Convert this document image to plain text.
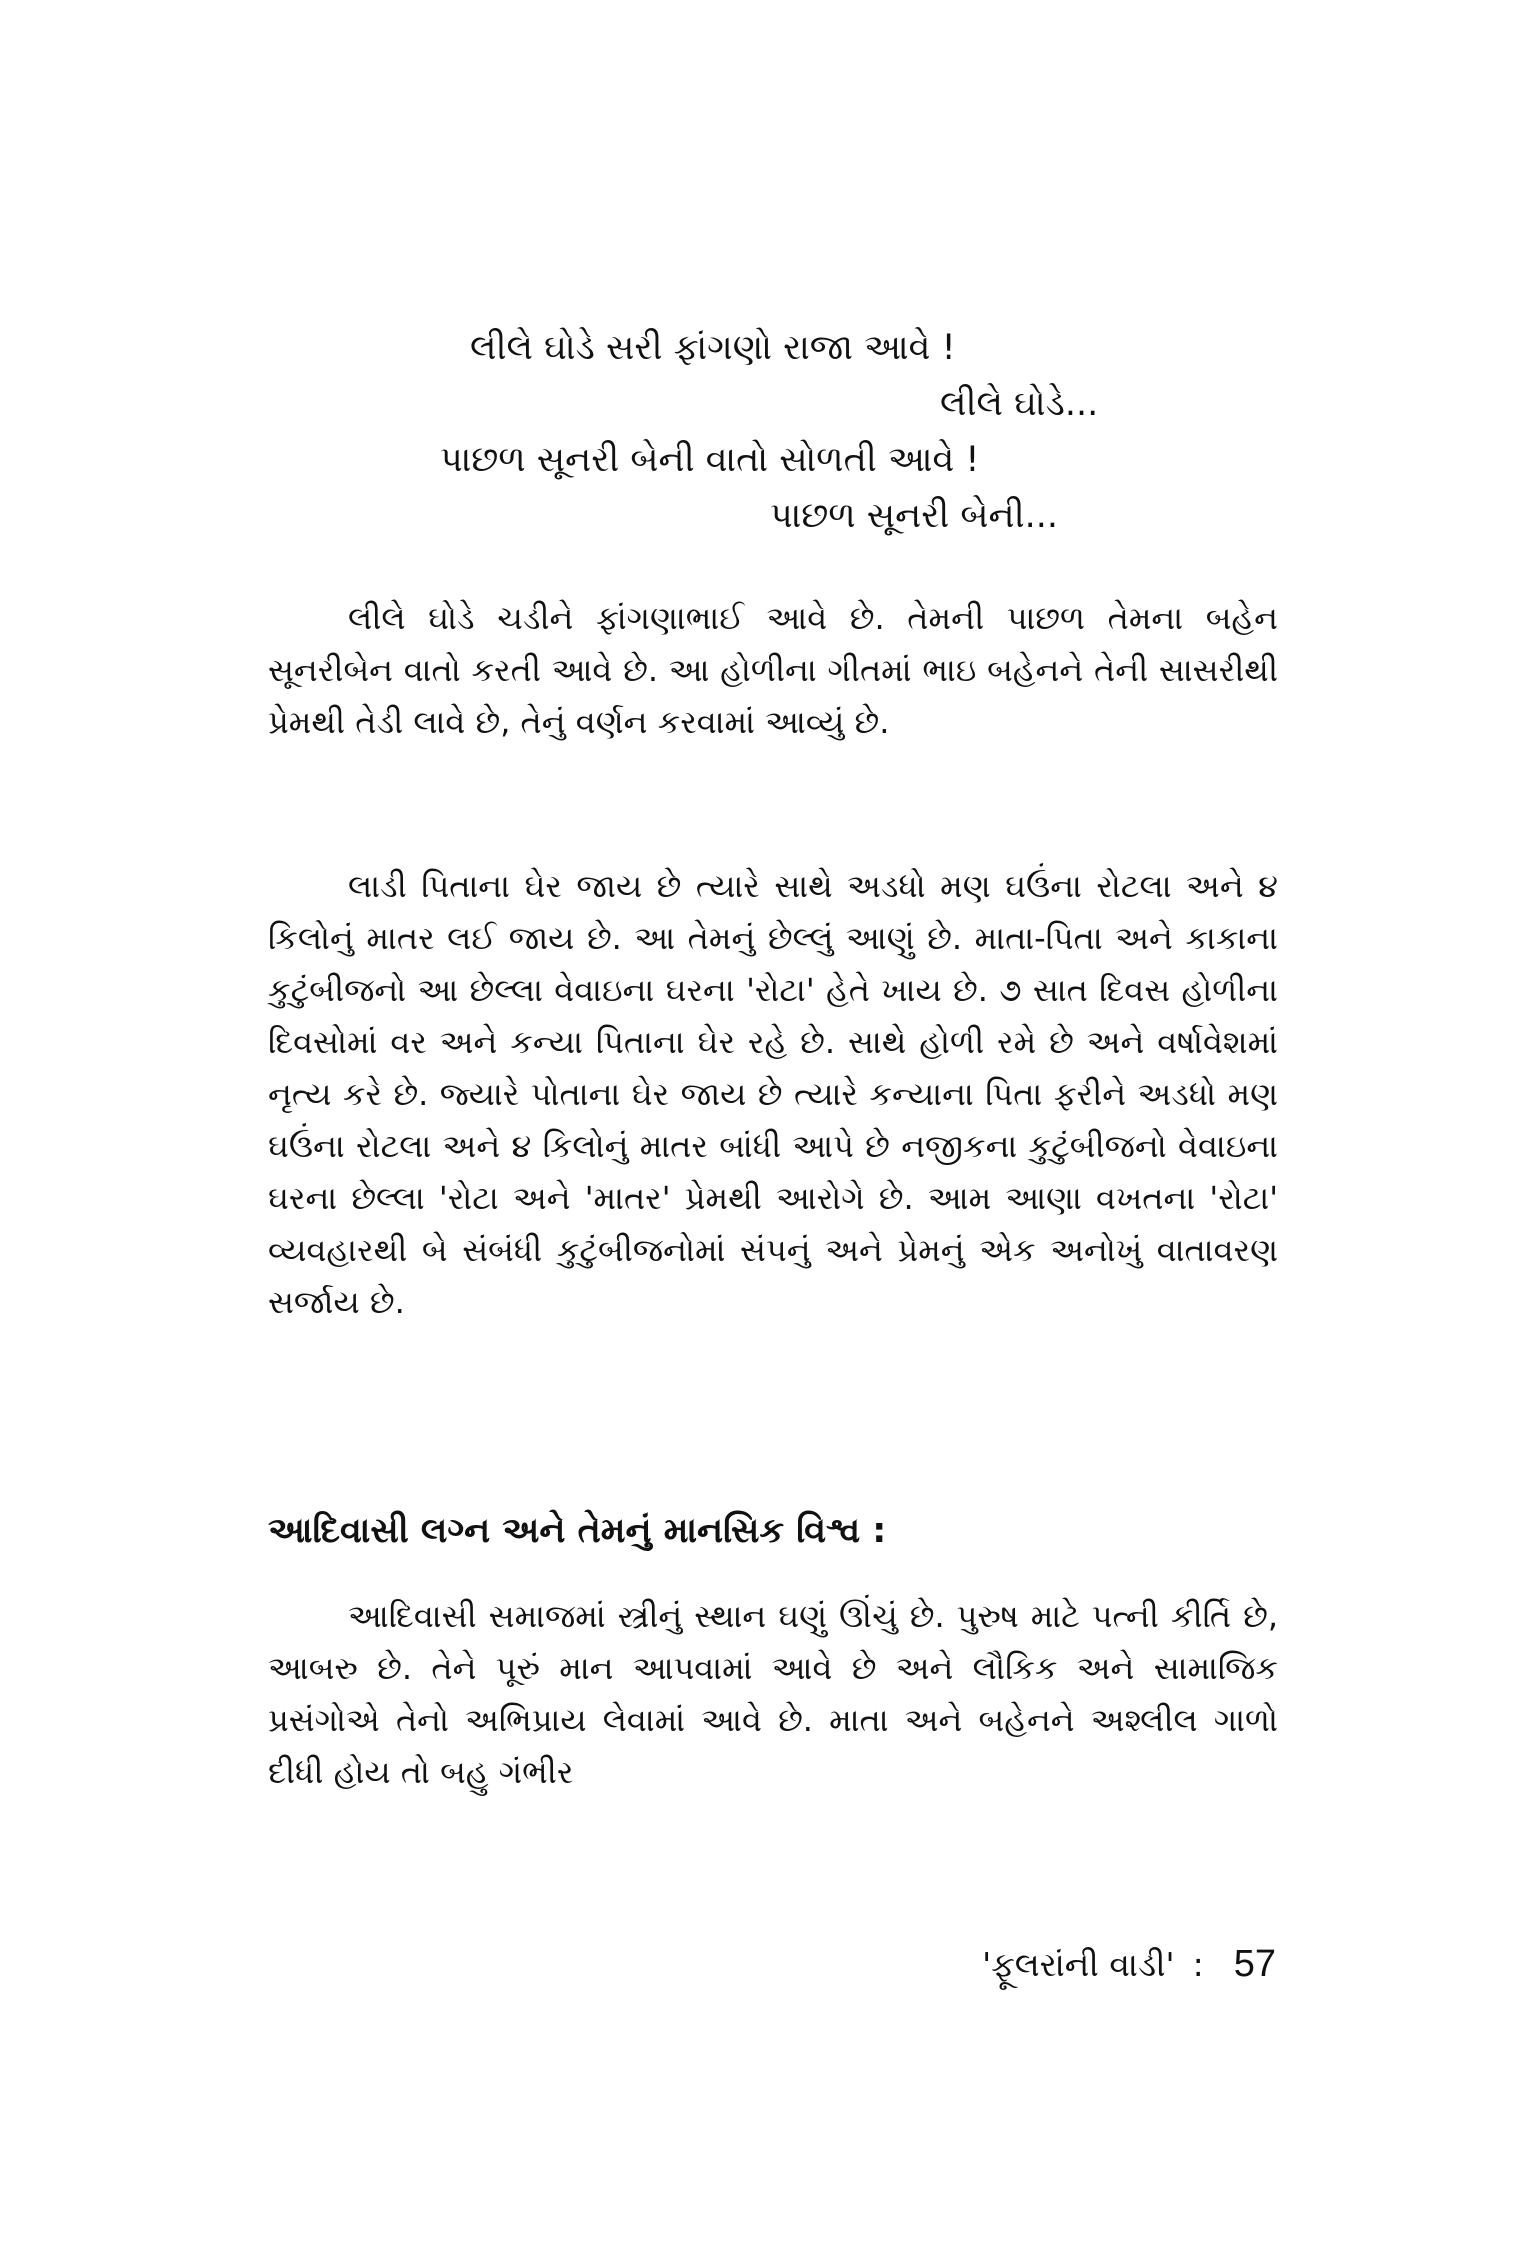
લીલે ઘોડે સરી ફાંગણો રાજા આવે !
લીલે ઘોડે...
પાછળ સૂનરી બેની વાતો સોળતી આવે !
પાછળ સૂનરી બેની...

લીલે ઘોડે ચડીને ફાંગણાભાઈ આવે છે. તેમની પાછળ તેમના બહેન સૂનરીબેન વાતો કરતી આવે છે. આ હોળીના ગીતમાં ભાઇ બહેનને તેની સાસરીથી પ્રેમથી તેડી લાવે છે, તેનું વર્ણન કરવામાં આવ્યું છે.

લાડી પિતાના ઘેર જાય છે ત્યારે સાથે અડધો મણ ઘઉંના રોટલા અને ૪ કિલોનું માતર લઈ જાય છે. આ તેમનું છેલ્લું આણું છે. માતા-પિતા અને કાકાના કુટુંબીજનો આ છેલ્લા વેવાઇના ઘરના 'રોટા' હેતે ખાય છે. ૭ સાત દિવસ હોળીના દિવસોમાં વર અને કન્યા પિતાના ઘેર રહે છે. સાથે હોળી રમે છે અને વર્ષાવેશમાં નૃત્ય કરે છે. જ્યારે પોતાના ઘેર જાય છે ત્યારે કન્યાના પિતા ફરીને અડધો મણ ઘઉંના રોટલા અને ૪ કિલોનું માતર બાંધી આપે છે નજીકના કુટુંબીજનો વેવાઇના ઘરના છેલ્લા 'રોટા અને 'માતર' પ્રેમથી આરોગે છે. આમ આણા વખતના 'રોટા' વ્યવહારથી બે સંબંધી કુટુંબીજનોમાં સંપનું અને પ્રેમનું એક અનોખું વાતાવરણ સર્જાય છે.

આદિવાસી લગ્ન અને તેમનું માનસિક વિશ્વ :

આદિવાસી સમાજમાં સ્ત્રીનું સ્થાન ઘણું ઊંચું છે. પુરુષ માટે પત્ની કીર્તિ છે, આબરુ છે. તેને પૂરું માન આપવામાં આવે છે અને લૌકિક અને સામાજિક પ્રસંગોએ તેનો અભિપ્રાય લેવામાં આવે છે. માતા અને બહેનને અશ્લીલ ગાળો દીધી હોય તો બહુ ગંભીર

'ફૂલરાંની વાડી' : 57
